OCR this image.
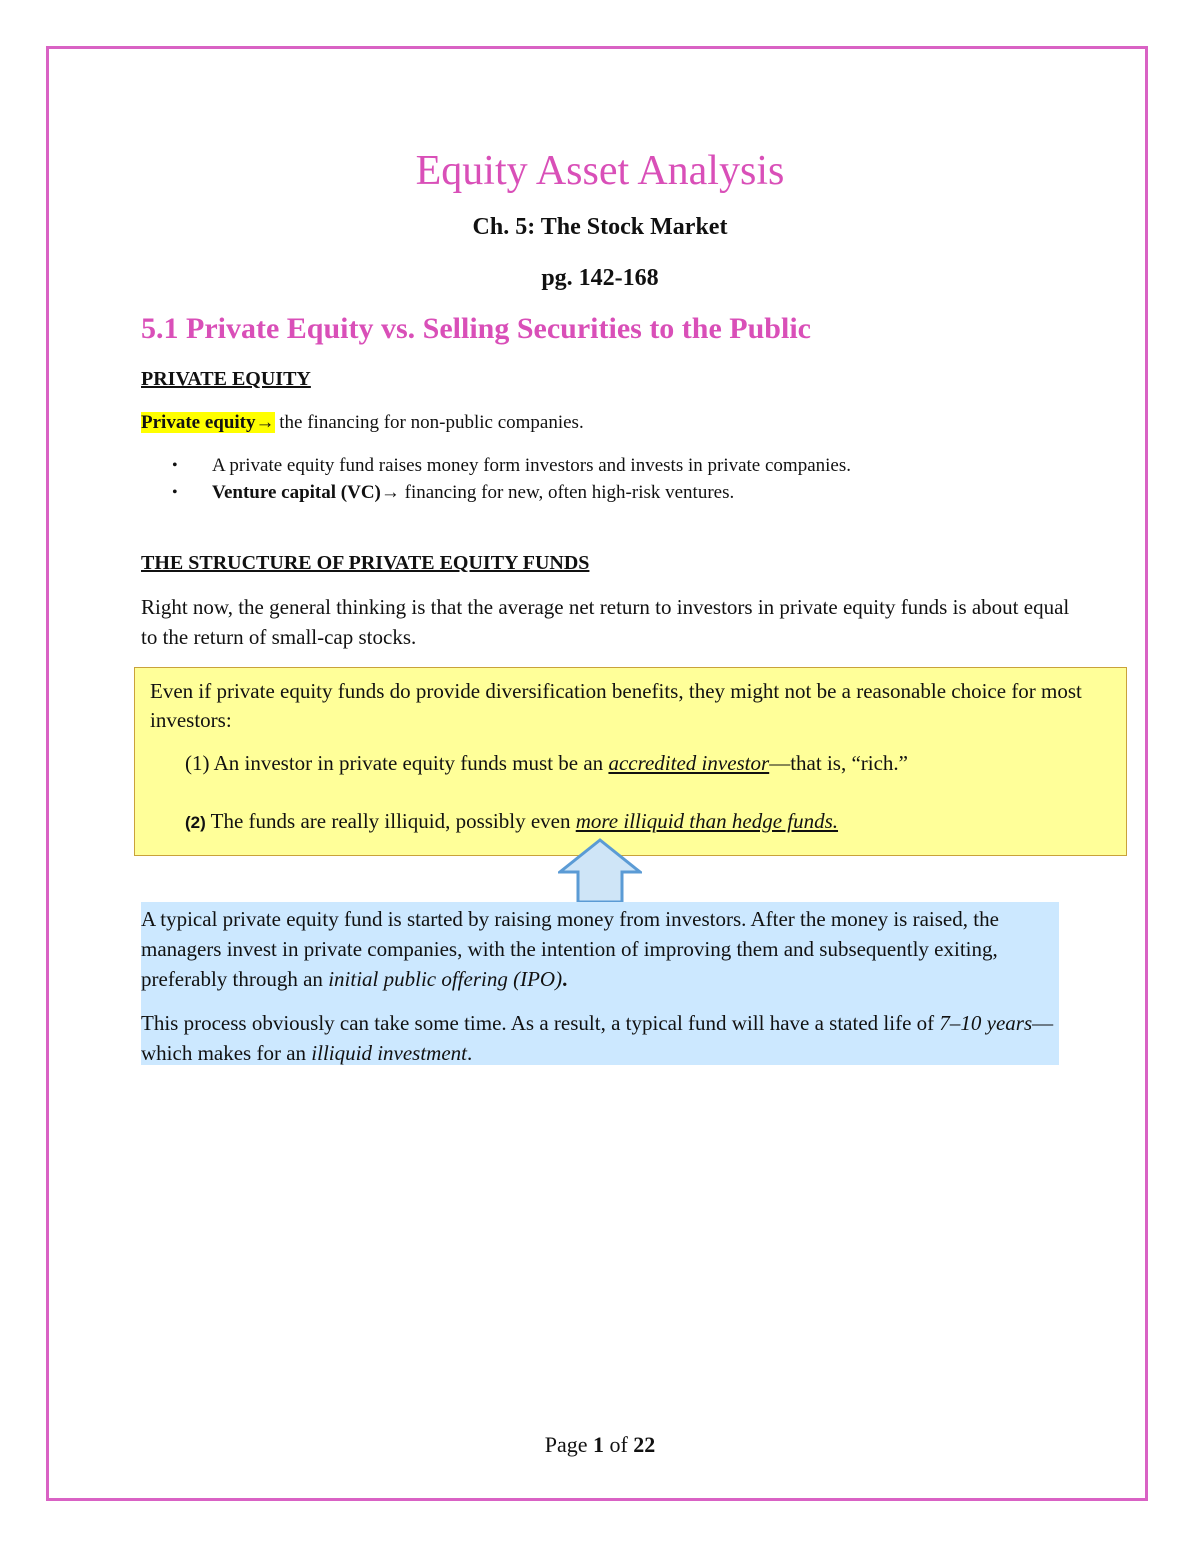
Equity Asset Analysis
Ch. 5: The Stock Market
pg. 142-168
5.1 Private Equity vs. Selling Securities to the Public
PRIVATE EQUITY
Private equity→ the financing for non-public companies.
• A private equity fund raises money form investors and invests in private companies.
• Venture capital (VC)→ financing for new, often high-risk ventures.
THE STRUCTURE OF PRIVATE EQUITY FUNDS
Right now, the general thinking is that the average net return to investors in private equity funds is about equal to the return of small-cap stocks.
Even if private equity funds do provide diversification benefits, they might not be a reasonable choice for most investors:
(1) An investor in private equity funds must be an accredited investor—that is, “rich.”
(2) The funds are really illiquid, possibly even more illiquid than hedge funds.
A typical private equity fund is started by raising money from investors. After the money is raised, the managers invest in private companies, with the intention of improving them and subsequently exiting, preferably through an initial public offering (IPO).
This process obviously can take some time. As a result, a typical fund will have a stated life of 7–10 years—which makes for an illiquid investment.
Page 1 of 22
